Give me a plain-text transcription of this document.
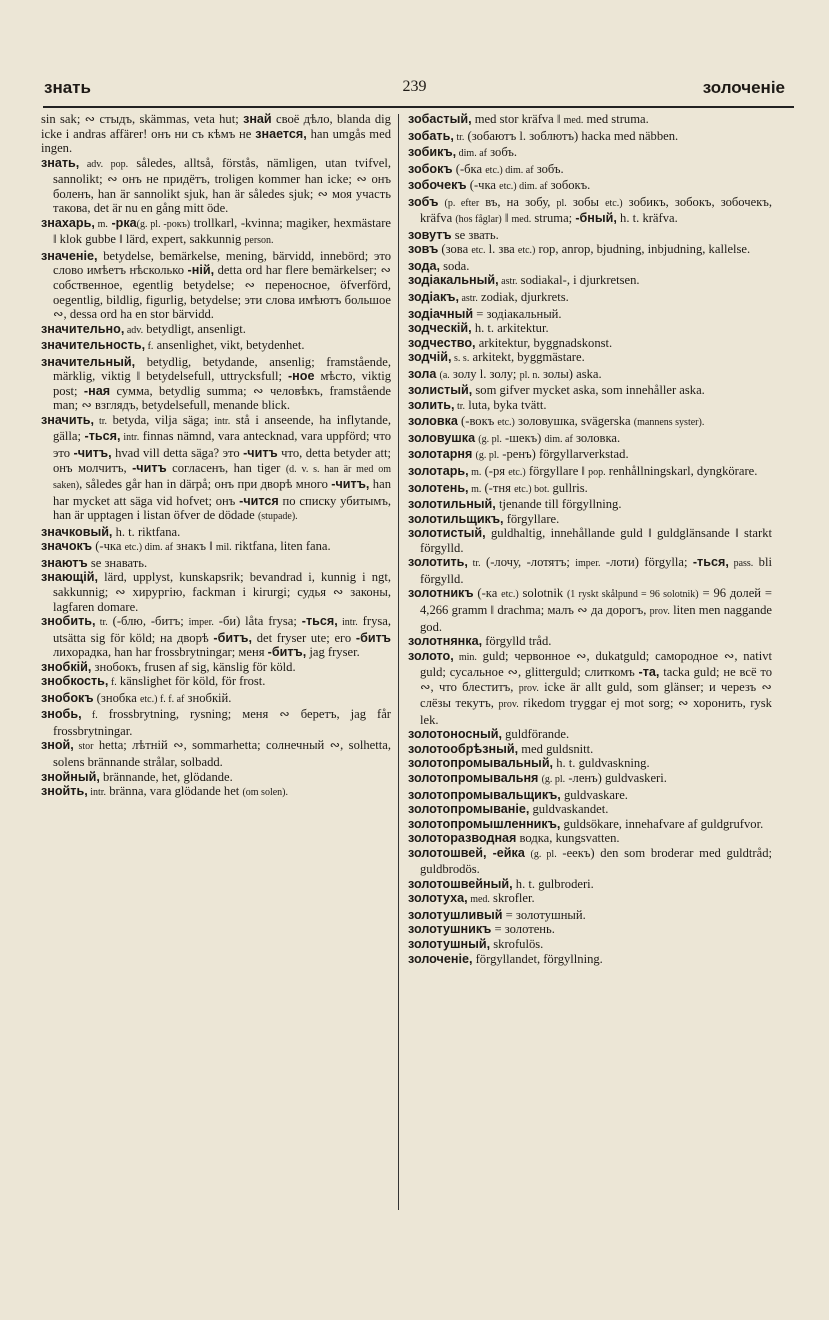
знать	239	золоченіе

sin sak; ∾ стыдъ, skämmas, veta hut; знай своё дѣло, blanda dig icke i andras affärer! онъ ни съ кѣмъ не знается, han umgås med ingen.

знать, adv. pop. således, alltså, förstås, nämligen, utan tvifvel, sannolikt; ∾ онъ не придётъ, troligen kommer han icke; ∾ онъ болeнъ, han är sannolikt sjuk, han är således sjuk; ∾ моя участь такова, det är nu en gång mitt öde.

знахарь, m. -рка(g. pl. -рокъ) trollkarl, -kvinna; magiker, hexmästare ‖ klok gubbe ‖ lärd, expert, sakkunnig person.

значеніе, betydelse, bemärkelse, mening, bärvidd, innebörd; это слово имѣетъ нѣсколько -ній, detta ord har flere bemärkelser; ∾ собственное, egentlig betydelse; ∾ переносное, öfverförd, oegentlig, bildlig, figurlig, betydelse; эти слова имѣютъ большое ∾, dessa ord ha en stor bärvidd.

значительно, adv. betydligt, ansenligt.

значительность, f. ansenlighet, vikt, betydenhet.

значительный, betydlig, betydande, ansenlig; framstående, märklig, viktig ‖ betydelsefull, uttrycksfull; -ное мѣсто, viktig post; -ная сумма, betydlig summa; ∾ человѣкъ, framstående man; ∾ взглядъ, betydelsefull, menande blick.

значить, tr. betyda, vilja säga; intr. stå i anseende, ha inflytande, gälla; -ться, intr. finnas nämnd, vara antecknad, vara uppförd; что это -читъ, hvad vill detta säga? это -читъ что, detta betyder att; онъ молчитъ, -читъ согласенъ, han tiger (d. v. s. han är med om saken), således går han in därpå; онъ при дворѣ много -читъ, han har mycket att säga vid hofvet; онъ -чится по списку убитымъ, han är upptagen i listan öfver de dödade (stupade).

значковый, h. t. riktfana.

значокъ (-чка etc.) dim. af знакъ ‖ mil. riktfana, liten fana.

знаютъ se знавать.

знающій, lärd, upplyst, kunskapsrik; bevandrad i, kunnig i ngt, sakkunnig; ∾ хирургію, fackman i kirurgi; судья ∾ законы, lagfaren domare.

знобить, tr. (-блю, -битъ; imper. -би) låta frysa; -ться, intr. frysa, utsätta sig för köld; на дворѣ -битъ, det fryser ute; его -битъ лихорадка, han har frossbrytningar; меня -битъ, jag fryser.

знобкій, знобокъ, frusen af sig, känslig för köld.

знобкость, f. känslighet för köld, för frost.

знобокъ (знобка etc.) f. f. af знобкій.

знобь, f. frossbrytning, rysning; меня ∾ беретъ, jag får frossbrytningar.

зной, stor hetta; лѣтній ∾, sommarhetta; солнечный ∾, solhetta, solens brännande strålar, solbadd.

знойный, brännande, het, glödande.

знойть, intr. bränna, vara glödande het (om solen).

зобастый, med stor kräfva ‖ med. med struma.

зобать, tr. (зобаютъ l. зоблютъ) hacka med näbben.

зобикъ, dim. af зобъ.

зобокъ (-бка etc.) dim. af зобъ.

зобочекъ (-чка etc.) dim. af зобокъ.

зобъ (p. efter въ, на зобу, pl. зобы etc.) зобикъ, зобокъ, зобочекъ, kräfva (hos fåglar) ‖ med. struma; -бный, h. t. kräfva.

зовутъ se звать.

зовъ (зова etc. l. зва etc.) rop, anrop, bjudning, inbjudning, kallelse.

зода, soda.

зодiакальный, astr. sodiakal-, i djurkretsen.

зодiакъ, astr. zodiak, djurkrets.

зодiачный = зодiакальный.

зодческій, h. t. arkitektur.

зодчество, arkitektur, byggnadskonst.

зодчій, s. s. arkitekt, byggmästare.

зола (a. золу l. золу; pl. n. золы) aska.

золистый, som gifver mycket aska, som innehåller aska.

золить, tr. luta, byka tvätt.

золовка (-вокъ etc.) золовушка, svägerska (mannens syster).

золовушка (g. pl. -шекъ) dim. af золовка.

золотарня (g. pl. -ренъ) förgyllarverkstad.

золотарь, m. (-ря etc.) förgyllare ‖ pop. renhållningskarl, dyngkörare.

золотень, m. (-тня etc.) bot. gullris.

золотильный, tjenande till förgyllning.

золотильщикъ, förgyllare.

золотистый, guldhaltig, innehållande guld ‖ guldglänsande ‖ starkt förgylld.

золотить, tr. (-лочу, -лотятъ; imper. -лоти) förgylla; -ться, pass. bli förgylld.

золотникъ (-ка etc.) solotnik (1 ryskt skålpund = 96 solotnik) = 96 долей = 4,266 gramm ‖ drachma; малъ ∾ да дорогъ, prov. liten men naggande god.

золотнянка, förgylld tråd.

золото, min. guld; червонное ∾, dukatguld; самородное ∾, nativt guld; сусальное ∾, glitterguld; слиткомъ -та, tacka guld; не всё то ∾, что блеститъ, prov. icke är allt guld, som glänser; и черезъ ∾ слёзы текутъ, prov. rikedom tryggar ej mot sorg; ∾ хоронить, rysk lek.

золотоносный, guldförande.

золотообрѣзный, med guldsnitt.

золотопромывальный, h. t. guldvaskning.

золотопромывальня (g. pl. -ленъ) guldvaskeri.

золотопромывальщикъ, guldvaskare.

золотопромываніе, guldvaskandet.

золотопромышленникъ, guldsökare, innehafvare af guldgrufvor.

золоторазводная водка, kungsvatten.

золотошвей, -ейка (g. pl. -еекъ) den som broderar med guldtråd; guldbrodös.

золотошвейный, h. t. gulbroderi.

золотуха, med. skrofler.

золотушливый = золотушный.

золотушникъ = золотень.

золотушный, skrofulös.

золоченіе, förgyllandet, förgyllning.
